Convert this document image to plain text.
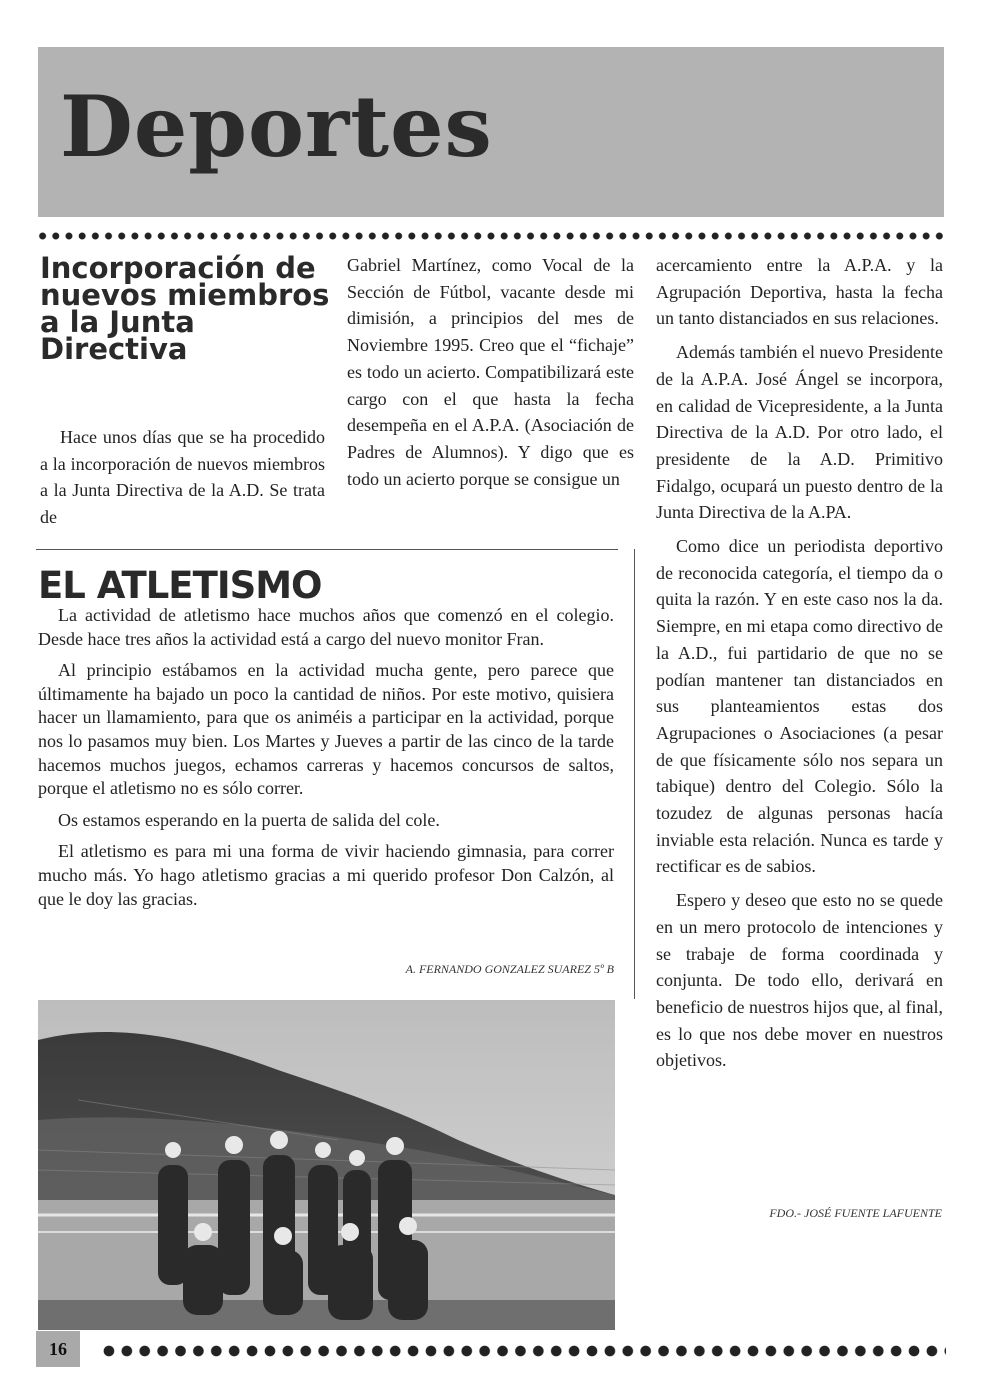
Deportes
Incorporación de nuevos miembros a la Junta Directiva

Hace unos días que se ha procedido a la incorporación de nuevos miembros a la Junta Directiva de la A.D. Se trata de

Gabriel Martínez, como Vocal de la Sección de Fútbol, vacante desde mi dimisión, a principios del mes de Noviembre 1995. Creo que el “fichaje” es todo un acierto. Compatibilizará este cargo con el que hasta la fecha desempeña en el A.P.A. (Asociación de Padres de Alumnos). Y digo que es todo un acierto porque se consigue un

acercamiento entre la A.P.A. y la Agrupación Deportiva, hasta la fecha un tanto distanciados en sus relaciones.

Además también el nuevo Presidente de la A.P.A. José Ángel se incorpora, en calidad de Vicepresidente, a la Junta Directiva de la A.D. Por otro lado, el presidente de la A.D. Primitivo Fidalgo, ocupará un puesto dentro de la Junta Directiva de la A.PA.

Como dice un periodista deportivo de reconocida categoría, el tiempo da o quita la razón. Y en este caso nos la da. Siempre, en mi etapa como directivo de la A.D., fui partidario de que no se podían mantener tan distanciados en sus planteamientos estas dos Agrupaciones o Asociaciones (a pesar de que físicamente sólo nos separa un tabique) dentro del Colegio. Sólo la tozudez de algunas personas hacía inviable esta relación. Nunca es tarde y rectificar es de sabios.

Espero y deseo que esto no se quede en un mero protocolo de intenciones y se trabaje de forma coordinada y conjunta. De todo ello, derivará en beneficio de nuestros hijos que, al final, es lo que nos debe mover en nuestros objetivos.

FDO.- JOSÉ FUENTE LAFUENTE
EL ATLETISMO

La actividad de atletismo hace muchos años que comenzó en el colegio. Desde hace tres años la actividad está a cargo del nuevo monitor Fran.

Al principio estábamos en la actividad mucha gente, pero parece que últimamente ha bajado un poco la cantidad de niños. Por este motivo, quisiera hacer un llamamiento, para que os animéis a participar en la actividad, porque nos lo pasamos muy bien. Los Martes y Jueves a partir de las cinco de la tarde hacemos muchos juegos, echamos carreras y hacemos concursos de saltos, porque el atletismo no es sólo correr.

Os estamos esperando en la puerta de salida del cole.

El atletismo es para mi una forma de vivir haciendo gimnasia, para correr mucho más. Yo hago atletismo gracias a mi querido profesor Don Calzón, al que le doy las gracias.

A. FERNANDO GONZALEZ SUAREZ 5º B
16
